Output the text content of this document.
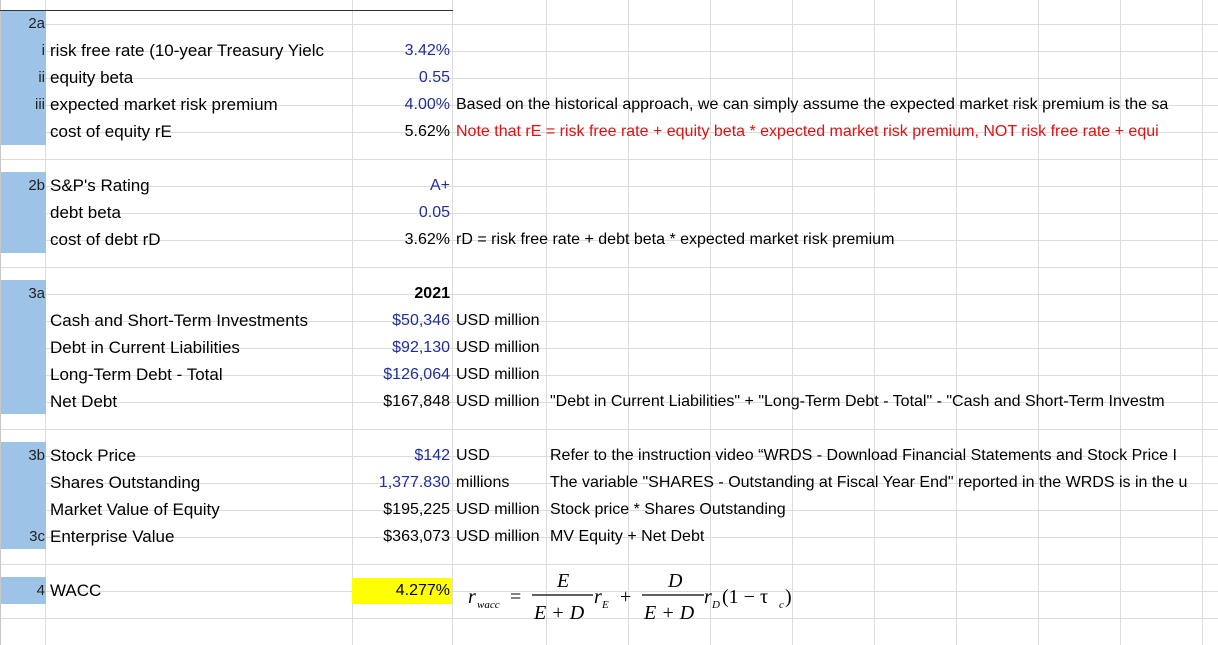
2a
i risk free rate (10-year Treasury Yielc	3.42%
ii equity beta	0.55
iii expected market risk premium	4.00% Based on the historical approach, we can simply assume the expected market risk premium is the sa
cost of equity rE	5.62% Note that rE = risk free rate + equity beta * expected market risk premium, NOT risk free rate + equi
2b S&P's Rating	A+
debt beta	0.05
cost of debt rD	3.62% rD = risk free rate + debt beta * expected market risk premium
3a	2021
Cash and Short-Term Investments	$50,346 USD million
Debt in Current Liabilities	$92,130 USD million
Long-Term Debt - Total	$126,064 USD million
Net Debt	$167,848 USD million "Debt in Current Liabilities" + "Long-Term Debt - Total" - "Cash and Short-Term Investm
3b Stock Price	$142 USD	Refer to the instruction video “WRDS - Download Financial Statements and Stock Price I
Shares Outstanding	1,377.830 millions	The variable "SHARES - Outstanding at Fiscal Year End" reported in the WRDS is in the u
Market Value of Equity	$195,225 USD million Stock price * Shares Outstanding
3c Enterprise Value	$363,073 USD million MV Equity + Net Debt
4 WACC	4.277% r wacc =
E
E + D
r E +
D
E + D
r D (1 − τ c )
